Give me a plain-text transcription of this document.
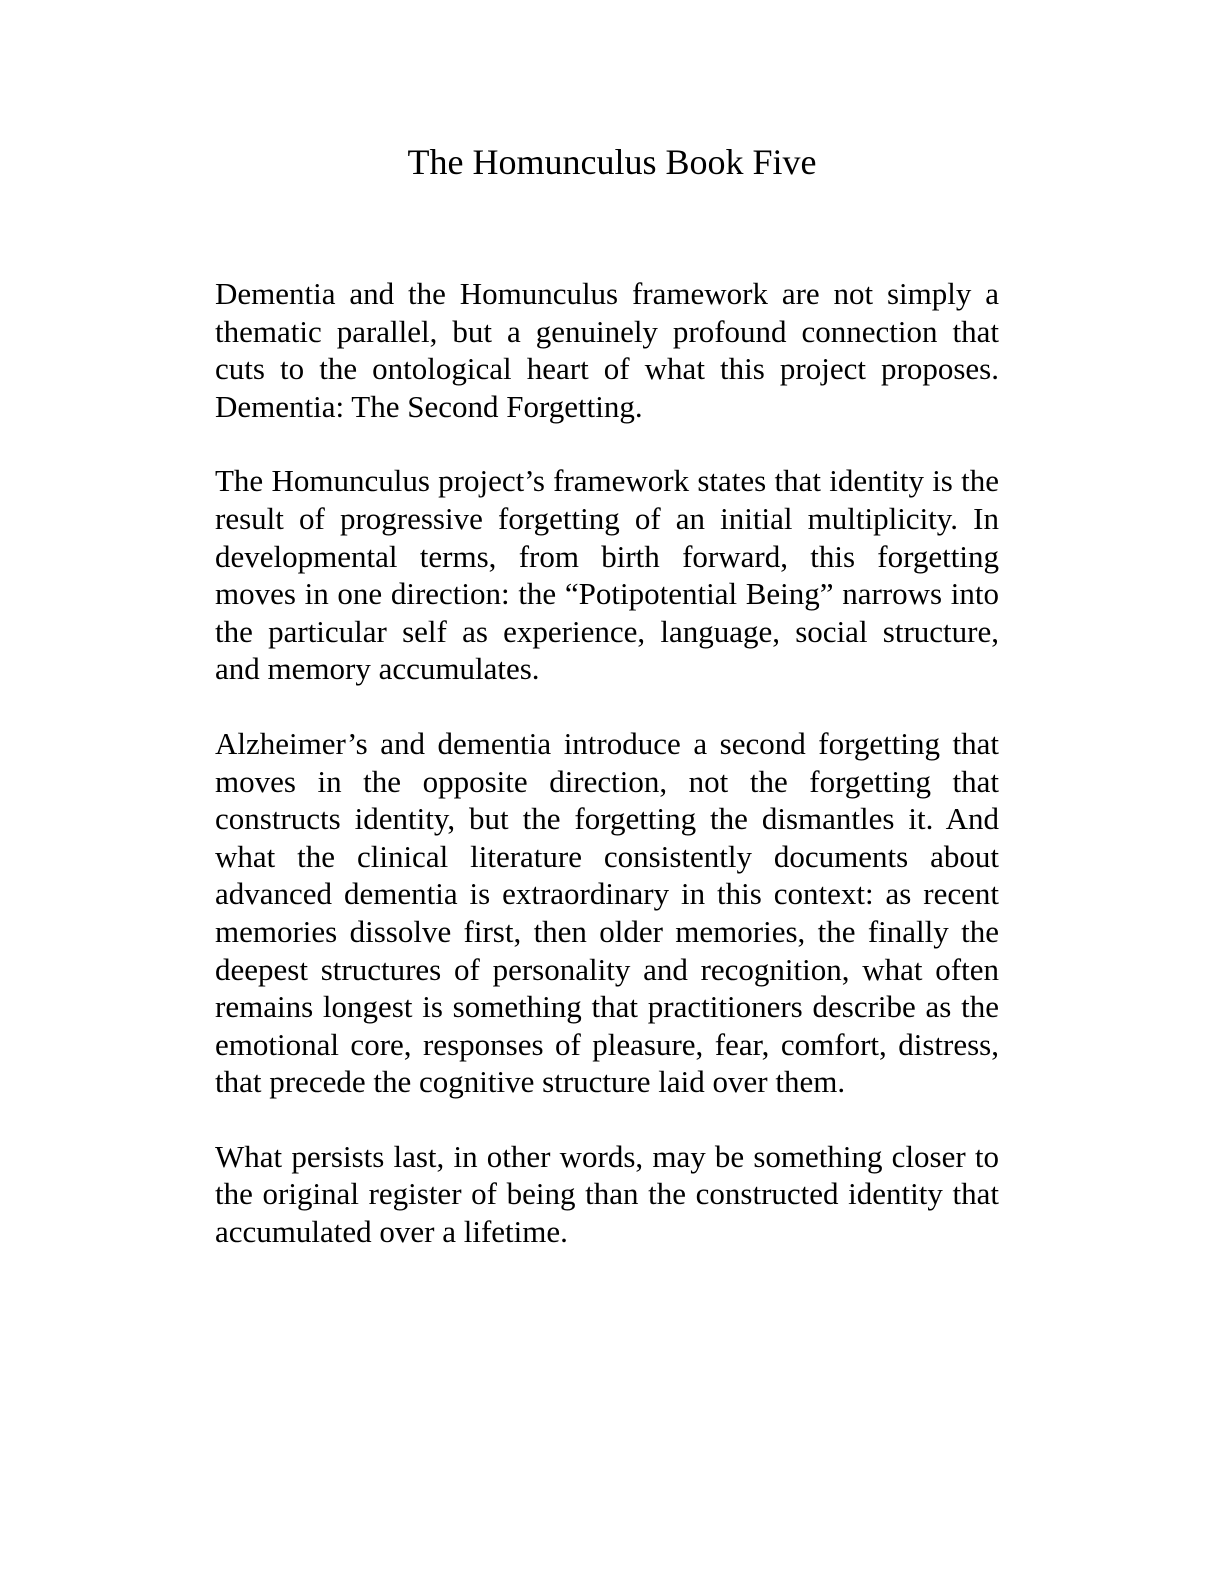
The Homunculus Book Five

Dementia and the Homunculus framework are not simply a thematic parallel, but a genuinely profound connection that cuts to the ontological heart of what this project proposes. Dementia: The Second Forgetting.

The Homunculus project’s framework states that identity is the result of progressive forgetting of an initial multiplicity. In developmental terms, from birth forward, this forgetting moves in one direction: the “Potipotential Being” narrows into the particular self as experience, language, social structure, and memory accumulates.

Alzheimer’s and dementia introduce a second forgetting that moves in the opposite direction, not the forgetting that constructs identity, but the forgetting the dismantles it. And what the clinical literature consistently documents about advanced dementia is extraordinary in this context: as recent memories dissolve first, then older memories, the finally the deepest structures of personality and recognition, what often remains longest is something that practitioners describe as the emotional core, responses of pleasure, fear, comfort, distress, that precede the cognitive structure laid over them.

What persists last, in other words, may be something closer to the original register of being than the constructed identity that accumulated over a lifetime.
